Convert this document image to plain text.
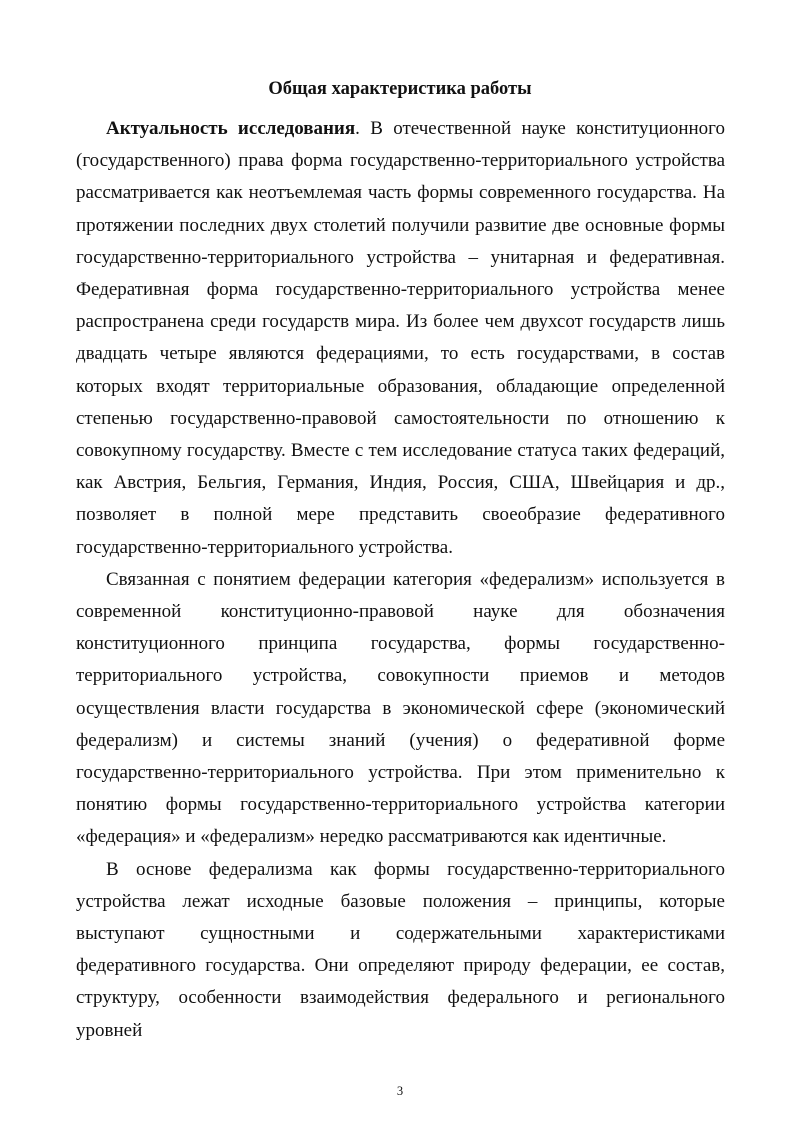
Общая характеристика работы

Актуальность исследования. В отечественной науке конституционного (государственного) права форма государственно-территориального устройства рассматривается как неотъемлемая часть формы современного государства. На протяжении последних двух столетий получили развитие две основные формы государственно-территориального устройства – унитарная и федеративная. Федеративная форма государственно-территориального устройства менее распространена среди государств мира. Из более чем двухсот государств лишь двадцать четыре являются федерациями, то есть государствами, в состав которых входят территориальные образования, обладающие определенной степенью государственно-правовой самостоятельности по отношению к совокупному государству. Вместе с тем исследование статуса таких федераций, как Австрия, Бельгия, Германия, Индия, Россия, США, Швейцария и др., позволяет в полной мере представить своеобразие федеративного государственно-территориального устройства.

Связанная с понятием федерации категория «федерализм» используется в современной конституционно-правовой науке для обозначения конституционного принципа государства, формы государственно-территориального устройства, совокупности приемов и методов осуществления власти государства в экономической сфере (экономический федерализм) и системы знаний (учения) о федеративной форме государственно-территориального устройства. При этом применительно к понятию формы государственно-территориального устройства категории «федерация» и «федерализм» нередко рассматриваются как идентичные.

В основе федерализма как формы государственно-территориального устройства лежат исходные базовые положения – принципы, которые выступают сущностными и содержательными характеристиками федеративного государства. Они определяют природу федерации, ее состав, структуру, особенности взаимодействия федерального и регионального уровней

3
